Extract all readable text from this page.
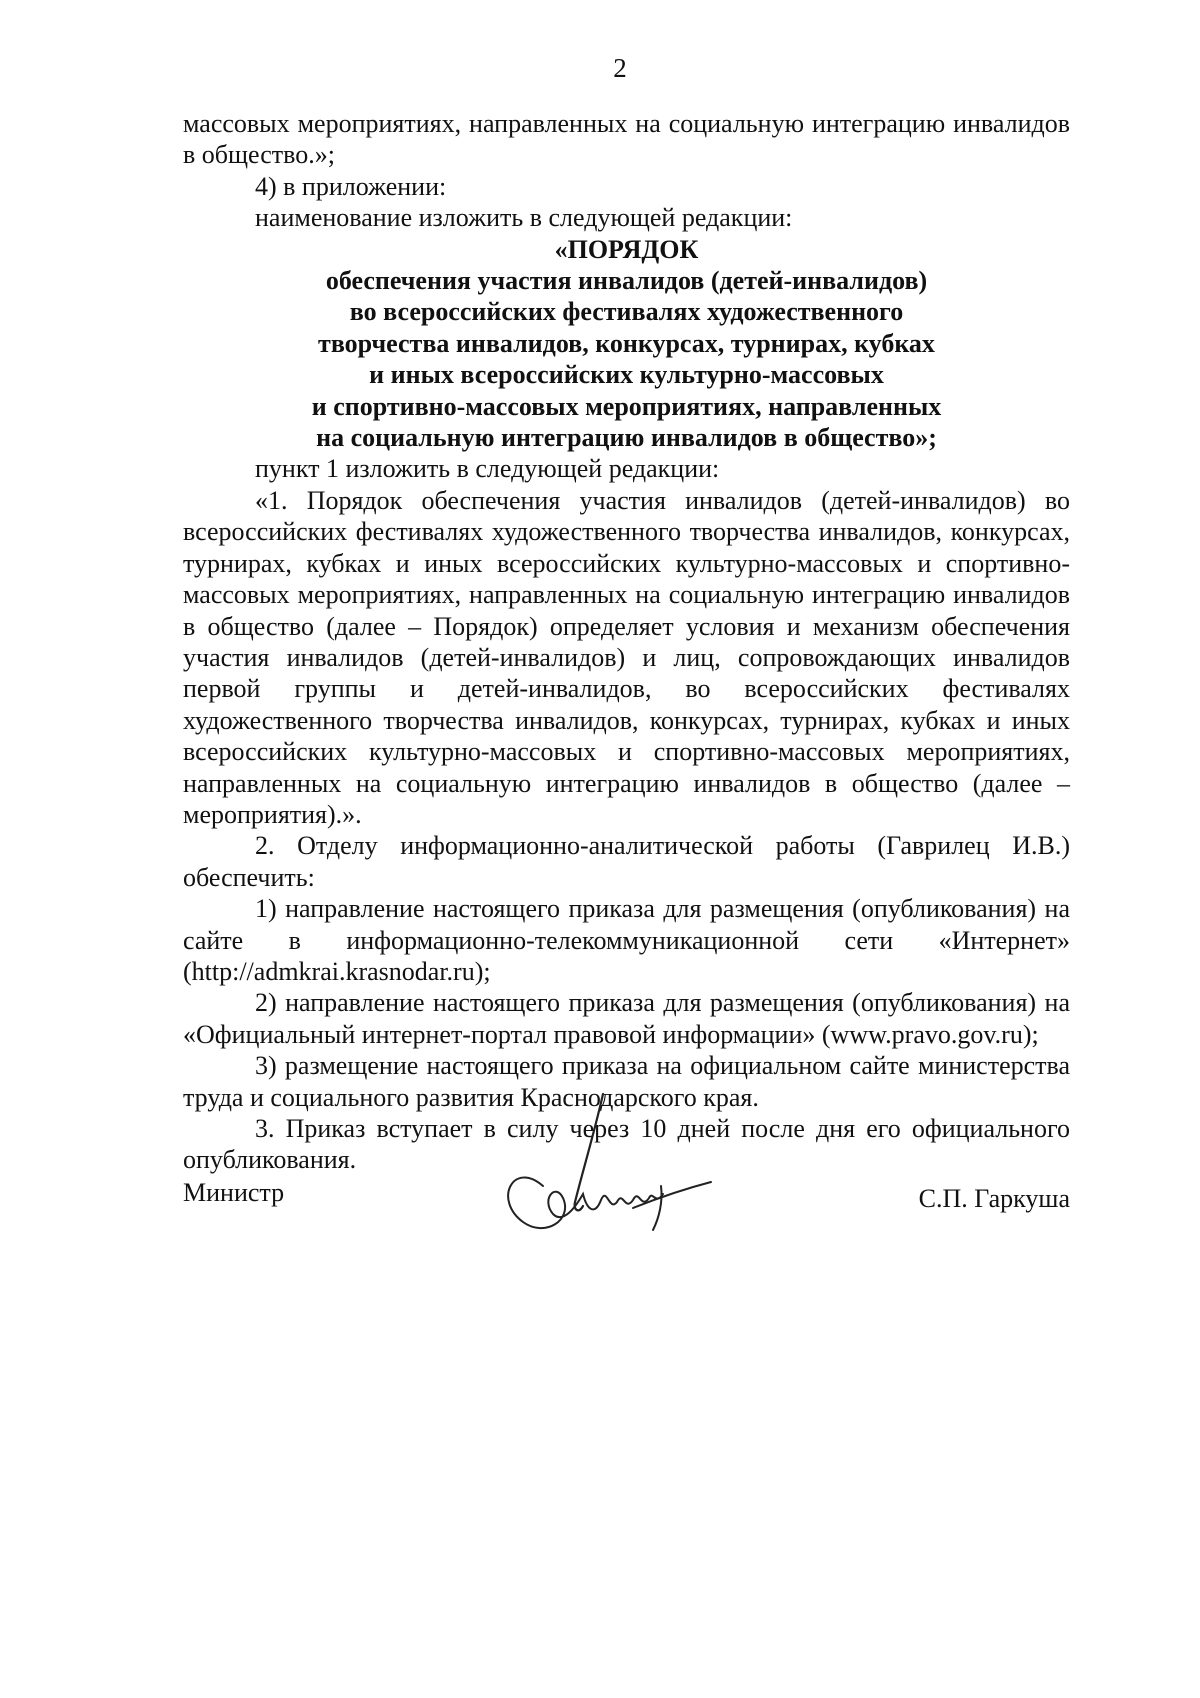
2

массовых мероприятиях, направленных на социальную интеграцию инвалидов в общество.»;

4) в приложении:

наименование изложить в следующей редакции:

«ПОРЯДОК
обеспечения участия инвалидов (детей-инвалидов)
во всероссийских фестивалях художественного
творчества инвалидов, конкурсах, турнирах, кубках
и иных всероссийских культурно-массовых
и спортивно-массовых мероприятиях, направленных
на социальную интеграцию инвалидов в общество»;

пункт 1 изложить в следующей редакции:

«1. Порядок обеспечения участия инвалидов (детей-инвалидов) во всероссийских фестивалях художественного творчества инвалидов, конкурсах, турнирах, кубках и иных всероссийских культурно-массовых и спортивно-массовых мероприятиях, направленных на социальную интеграцию инвалидов в общество (далее – Порядок) определяет условия и механизм обеспечения участия инвалидов (детей-инвалидов) и лиц, сопровождающих инвалидов первой группы и детей-инвалидов, во всероссийских фестивалях художественного творчества инвалидов, конкурсах, турнирах, кубках и иных всероссийских культурно-массовых и спортивно-массовых мероприятиях, направленных на социальную интеграцию инвалидов в общество (далее – мероприятия).».

2. Отделу информационно-аналитической работы (Гаврилец И.В.) обеспечить:

1) направление настоящего приказа для размещения (опубликования) на сайте в информационно-телекоммуникационной сети «Интернет»

(http://admkrai.krasnodar.ru);

2) направление настоящего приказа для размещения (опубликования) на «Официальный интернет-портал правовой информации» (www.pravo.gov.ru);

3) размещение настоящего приказа на официальном сайте министерства труда и социального развития Краснодарского края.

3. Приказ вступает в силу через 10 дней после дня его официального опубликования.

Министр	С.П. Гаркуша
